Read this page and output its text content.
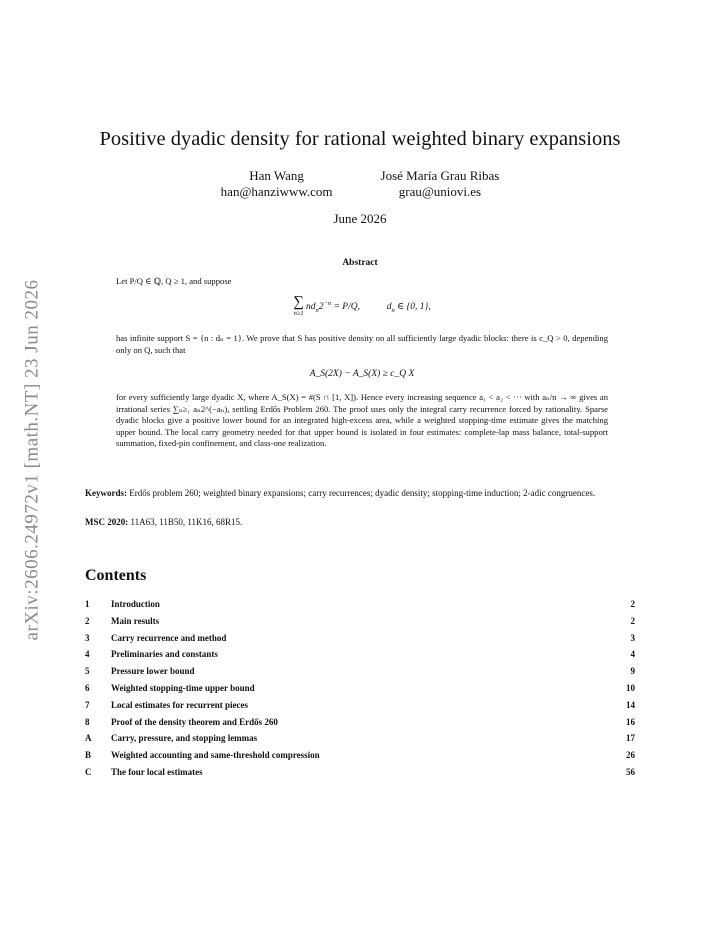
arXiv:2606.24972v1 [math.NT] 23 Jun 2026
Positive dyadic density for rational weighted binary expansions
Han Wang
han@hanziwww.com
José María Grau Ribas
grau@uniovi.es
June 2026
Abstract
Let P/Q ∈ ℚ, Q ≥ 1, and suppose
∑
n≥1
$nd_n2^{-n} = P/Q$,	$d_n$ ∈ {0, 1},
has infinite support S = {n : dₙ = 1}. We prove that S has positive density on all sufficiently large dyadic blocks: there is c_Q > 0, depending only on Q, such that
A_S(2X) − A_S(X) ≥ c_Q X
for every sufficiently large dyadic X, where A_S(X) = #(S ∩ [1, X]). Hence every increasing sequence a₁ < a₂ < ··· with aₙ/n → ∞ gives an irrational series ∑ₙ≥₁ aₙ2^(−aₙ), settling Erdős Problem 260. The proof uses only the integral carry recurrence forced by rationality. Sparse dyadic blocks give a positive lower bound for an integrated high-excess area, while a weighted stopping-time estimate gives the matching upper bound. The local carry geometry needed for that upper bound is isolated in four estimates: complete-lap mass balance, total-support summation, fixed-pin confinement, and class-one realization.
Keywords: Erdős problem 260; weighted binary expansions; carry recurrences; dyadic density; stopping-time induction; 2-adic congruences.
MSC 2020: 11A63, 11B50, 11K16, 68R15.
Contents
1	Introduction	2
2	Main results	2
3	Carry recurrence and method	3
4	Preliminaries and constants	4
5	Pressure lower bound	9
6	Weighted stopping-time upper bound	10
7	Local estimates for recurrent pieces	14
8	Proof of the density theorem and Erdős 260	16
A	Carry, pressure, and stopping lemmas	17
B	Weighted accounting and same-threshold compression	26
C	The four local estimates	56
